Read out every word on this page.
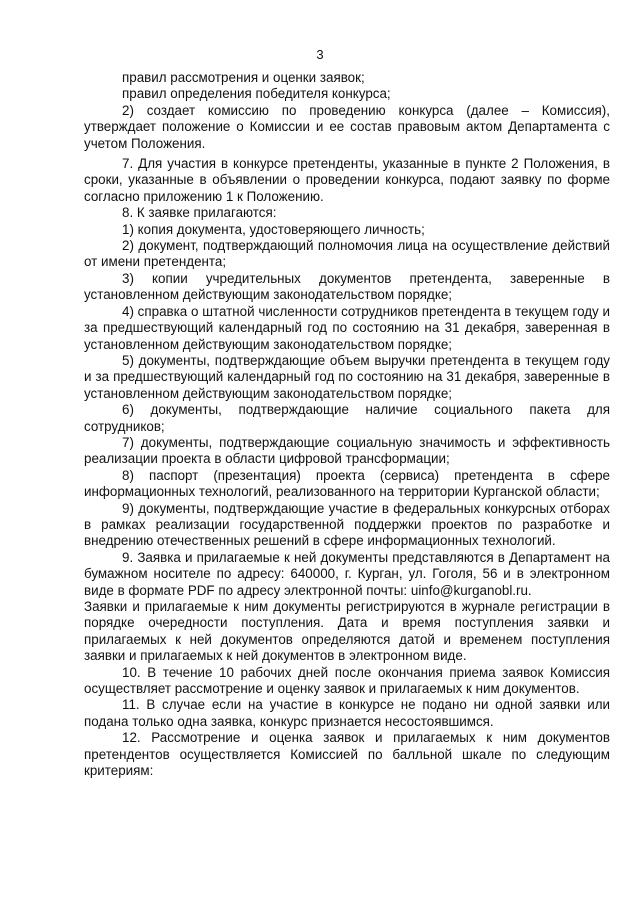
3

правил рассмотрения и оценки заявок;

правил определения победителя конкурса;

2) создает комиссию по проведению конкурса (далее – Комиссия), утверждает положение о Комиссии и ее состав правовым актом Департамента с учетом Положения.

7. Для участия в конкурсе претенденты, указанные в пункте 2 Положения, в сроки, указанные в объявлении о проведении конкурса, подают заявку по форме согласно приложению 1 к Положению.

8. К заявке прилагаются:

1) копия документа, удостоверяющего личность;

2) документ, подтверждающий полномочия лица на осуществление действий от имени претендента;

3) копии учредительных документов претендента, заверенные в установленном действующим законодательством порядке;

4) справка о штатной численности сотрудников претендента в текущем году и за предшествующий календарный год по состоянию на 31 декабря, заверенная в установленном действующим законодательством порядке;

5) документы, подтверждающие объем выручки претендента в текущем году и за предшествующий календарный год по состоянию на 31 декабря, заверенные в установленном действующим законодательством порядке;

6) документы, подтверждающие наличие социального пакета для сотрудников;

7) документы, подтверждающие социальную значимость и эффективность реализации проекта в области цифровой трансформации;

8) паспорт (презентация) проекта (сервиса) претендента в сфере информационных технологий, реализованного на территории Курганской области;

9) документы, подтверждающие участие в федеральных конкурсных отборах в рамках реализации государственной поддержки проектов по разработке и внедрению отечественных решений в сфере информационных технологий.

9. Заявка и прилагаемые к ней документы представляются в Департамент на бумажном носителе по адресу: 640000, г. Курган, ул. Гоголя, 56 и в электронном виде в формате PDF по адресу электронной почты: uinfo@kurganobl.ru.

Заявки и прилагаемые к ним документы регистрируются в журнале регистрации в порядке очередности поступления. Дата и время поступления заявки и прилагаемых к ней документов определяются датой и временем поступления заявки и прилагаемых к ней документов в электронном виде.

10. В течение 10 рабочих дней после окончания приема заявок Комиссия осуществляет рассмотрение и оценку заявок и прилагаемых к ним документов.

11. В случае если на участие в конкурсе не подано ни одной заявки или подана только одна заявка, конкурс признается несостоявшимся.

12. Рассмотрение и оценка заявок и прилагаемых к ним документов претендентов осуществляется Комиссией по балльной шкале по следующим критериям:
